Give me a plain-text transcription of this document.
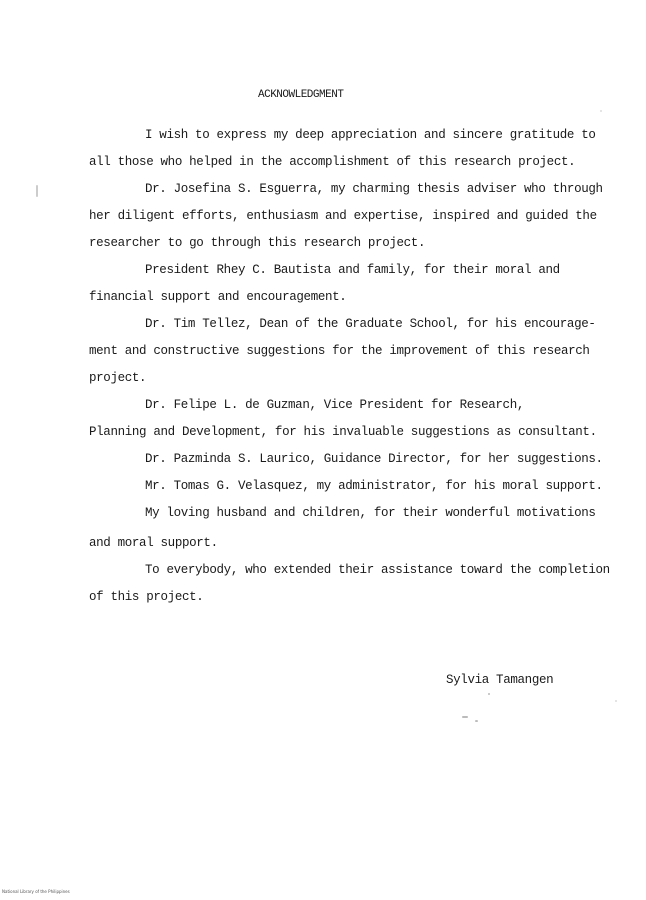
ACKNOWLEDGMENT
I wish to express my deep appreciation and sincere gratitude to
all those who helped in the accomplishment of this research project.
Dr. Josefina S. Esguerra, my charming thesis adviser who through
her diligent efforts, enthusiasm and expertise, inspired and guided the
researcher to go through this research project.
President Rhey C. Bautista and family, for their moral and
financial support and encouragement.
Dr. Tim Tellez, Dean of the Graduate School, for his encourage-
ment and constructive suggestions for the improvement of this research
project.
Dr. Felipe L. de Guzman, Vice President for Research,
Planning and Development, for his invaluable suggestions as consultant.
Dr. Pazminda S. Laurico, Guidance Director, for her suggestions.
Mr. Tomas G. Velasquez, my administrator, for his moral support.
My loving husband and children, for their wonderful motivations
and moral support.
To everybody, who extended their assistance toward the completion
of this project.
Sylvia Tamangen
National Library of the Philippines
